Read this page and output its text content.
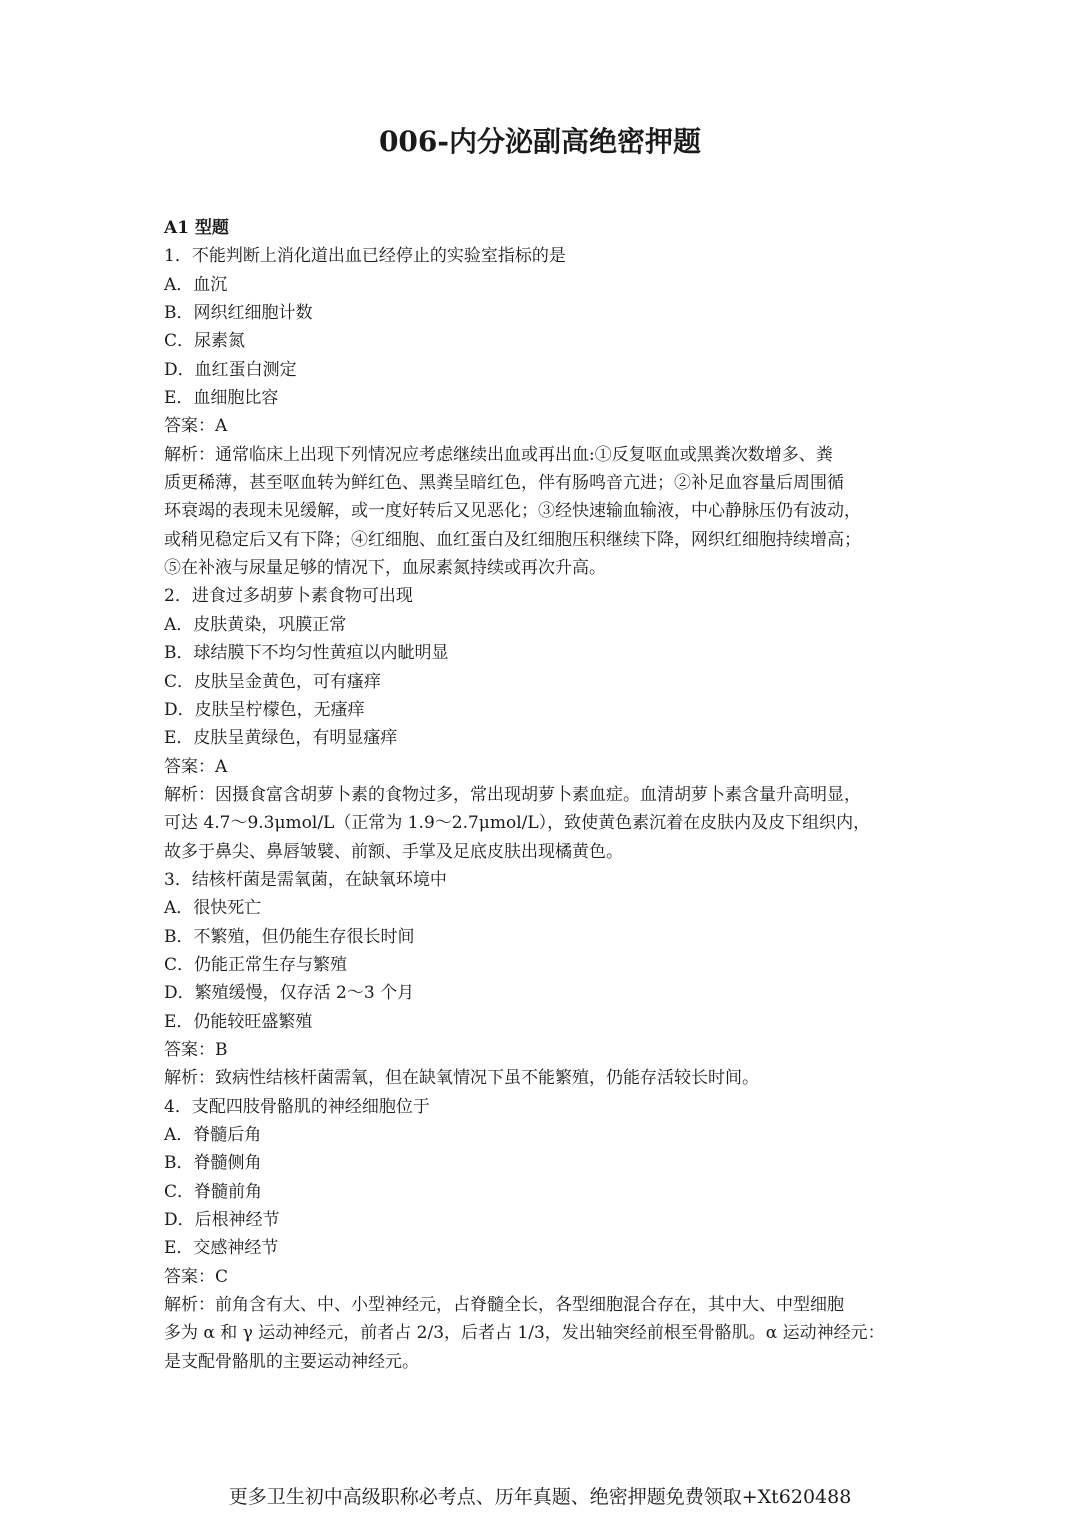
006-内分泌副高绝密押题
A1 型题
1．不能判断上消化道出血已经停止的实验室指标的是
A．血沉
B．网织红细胞计数
C．尿素氮
D．血红蛋白测定
E．血细胞比容
答案：A
解析：通常临床上出现下列情况应考虑继续出血或再出血:①反复呕血或黑粪次数增多、粪
质更稀薄，甚至呕血转为鲜红色、黑粪呈暗红色，伴有肠鸣音亢进；②补足血容量后周围循
环衰竭的表现未见缓解，或一度好转后又见恶化；③经快速输血输液，中心静脉压仍有波动，
或稍见稳定后又有下降；④红细胞、血红蛋白及红细胞压积继续下降，网织红细胞持续增高；
⑤在补液与尿量足够的情况下，血尿素氮持续或再次升高。
2．进食过多胡萝卜素食物可出现
A．皮肤黄染，巩膜正常
B．球结膜下不均匀性黄疸以内眦明显
C．皮肤呈金黄色，可有瘙痒
D．皮肤呈柠檬色，无瘙痒
E．皮肤呈黄绿色，有明显瘙痒
答案：A
解析：因摄食富含胡萝卜素的食物过多，常出现胡萝卜素血症。血清胡萝卜素含量升高明显，
可达 4.7～9.3μmol/L（正常为 1.9～2.7μmol/L），致使黄色素沉着在皮肤内及皮下组织内，
故多于鼻尖、鼻唇皱襞、前额、手掌及足底皮肤出现橘黄色。
3．结核杆菌是需氧菌，在缺氧环境中
A．很快死亡
B．不繁殖，但仍能生存很长时间
C．仍能正常生存与繁殖
D．繁殖缓慢，仅存活 2～3 个月
E．仍能较旺盛繁殖
答案：B
解析：致病性结核杆菌需氧，但在缺氧情况下虽不能繁殖，仍能存活较长时间。
4．支配四肢骨骼肌的神经细胞位于
A．脊髓后角
B．脊髓侧角
C．脊髓前角
D．后根神经节
E．交感神经节
答案：C
解析：前角含有大、中、小型神经元，占脊髓全长，各型细胞混合存在，其中大、中型细胞
多为 α 和 γ 运动神经元，前者占 2/3，后者占 1/3，发出轴突经前根至骨骼肌。α 运动神经元：
是支配骨骼肌的主要运动神经元。
更多卫生初中高级职称必考点、历年真题、绝密押题免费领取+Xt620488
